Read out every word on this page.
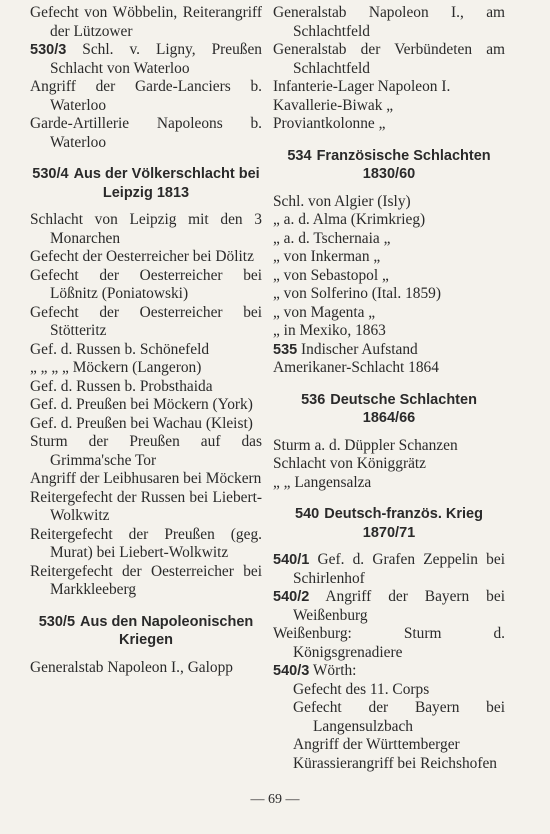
Gefecht von Wöbbelin, Reiterangriff der Lützower
530/3 Schl. v. Ligny, Preußen Schlacht von Waterloo
Angriff der Garde-Lanciers b. Waterloo
Garde-Artillerie Napoleons b. Waterloo
530/4 Aus der Völkerschlacht bei Leipzig 1813
Schlacht von Leipzig mit den 3 Monarchen
Gefecht der Oesterreicher bei Dölitz
Gefecht der Oesterreicher bei Lößnitz (Poniatowski)
Gefecht der Oesterreicher bei Stötteritz
Gef. d. Russen b. Schönefeld
„ „ „ „ Möckern (Langeron)
Gef. d. Russen b. Probsthaida
Gef. d. Preußen bei Möckern (York)
Gef. d. Preußen bei Wachau (Kleist)
Sturm der Preußen auf das Grimma'sche Tor
Angriff der Leibhusaren bei Möckern
Reitergefecht der Russen bei Liebert-Wolkwitz
Reitergefecht der Preußen (geg. Murat) bei Liebert-Wolkwitz
Reitergefecht der Oesterreicher bei Markkleeberg
530/5 Aus den Napoleonischen Kriegen
Generalstab Napoleon I., Galopp
Generalstab Napoleon I., am Schlachtfeld
Generalstab der Verbündeten am Schlachtfeld
Infanterie-Lager Napoleon I.
Kavallerie-Biwak „
Proviantkolonne „
534 Französische Schlachten
1830/60
Schl. von Algier (Isly)
„ a. d. Alma (Krimkrieg)
„ a. d. Tschernaia „
„ von Inkerman „
„ von Sebastopol „
„ von Solferino (Ital. 1859)
„ von Magenta „
„ in Mexiko, 1863
535 Indischer Aufstand
Amerikaner-Schlacht 1864
536 Deutsche Schlachten
1864/66
Sturm a. d. Düppler Schanzen
Schlacht von Königgrätz
„ „ Langensalza
540 Deutsch-französ. Krieg
1870/71
540/1 Gef. d. Grafen Zeppelin bei Schirlenhof
540/2 Angriff der Bayern bei Weißenburg
Weißenburg: Sturm d. Königsgrenadiere
540/3 Wörth:
Gefecht des 11. Corps
Gefecht der Bayern bei Langensulzbach
Angriff der Württemberger
Kürassierangriff bei Reichshofen
— 69 —
